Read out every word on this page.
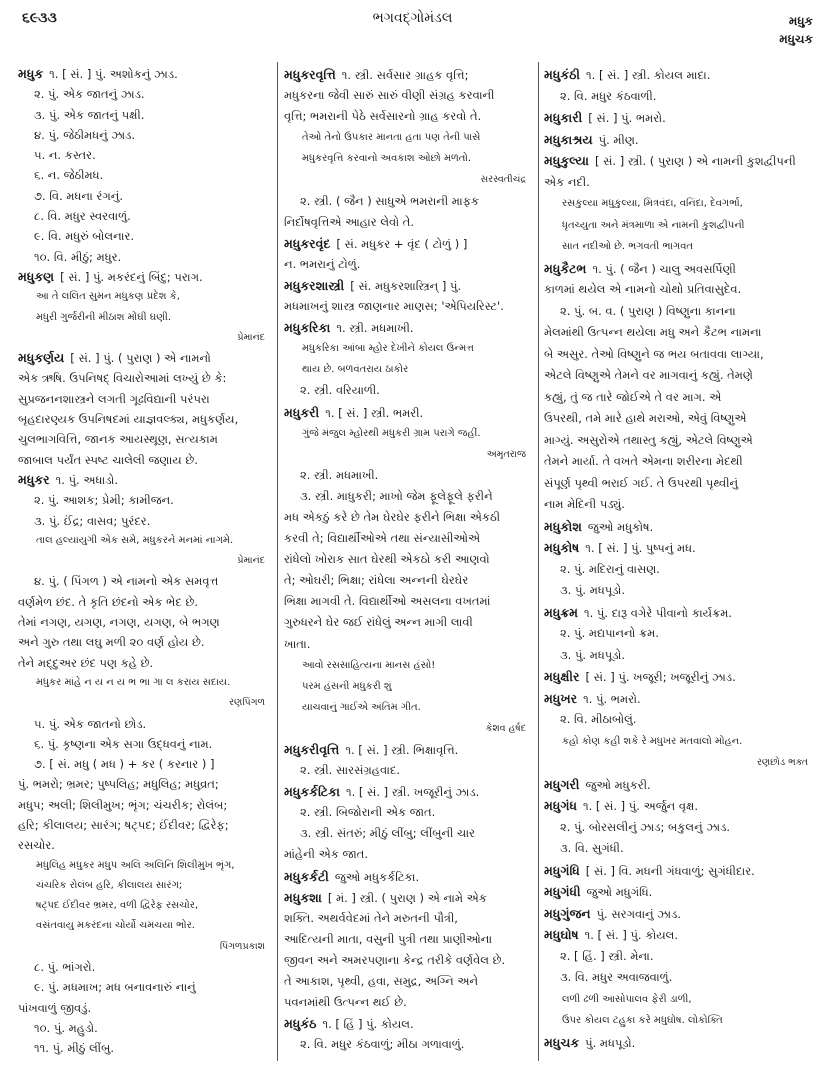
૬૯૩૩	ભગવદ્ગોમંડલ	મધુક
મધુચક
મધુક ૧. [ સં. ] પું. અશોકનું ઝાડ.
૨. પું. એક જાતનું ઝાડ.
૩. પું. એક જાતનું પક્ષી.
૪. પું. જેઠીમધનું ઝાડ.
૫. ન. કસ્તર.
૬. ન. જેઠીમધ.
૭. વિ. મધના રંગનું.
૮. વિ. મધુર સ્વરવાળું.
૯. વિ. મધુરું બોલનાર.
૧૦. વિ. મીઠું; મધુર.
મધુકણ [ સં. ] પું. મકરંદનું બિંદુ; પરાગ.
આ તે લલિત સુમન મધુકણ પ્રદેશ કે,
મધુરી ગુર્જરીની મીઠાશ મોંઘી ઘણી.
પ્રેમાનંદ
મધુકર્ણય [ સં. ] પું. ( પુરાણ ) એ નામનો
એક ઋષિ. ઉપનિષદ્ વિચારોઆમાં લખ્યું છે કે:
સુપ્રજનનશાસ્ત્રને લગતી ગૂઢવિદ્યાની પરંપરા
બૃહદારણ્યક ઉપનિષદમાં યાજ્ઞવલ્ક્ય, મધુકર્ણય,
ચુલભાગવિત્તિ, જાનક આયસ્થૂણ, સત્યકામ
જાબાલ પર્યંત સ્પષ્ટ ચાલેલી જણાય છે.
મધુકર ૧. પું. અધાડો.
૨. પું. આશક; પ્રેમી; કામીજન.
૩. પું. ઈંદ્ર; વાસવ; પુરંદર.
તાલ હલ્યાયુગી એક સમે, મધુકરને મનમાં નાગમે.
પ્રેમાનંદ
૪. પું. ( પિંગળ ) એ નામનો એક સમવૃત્ત
વર્ણમેળ છંદ. તે કૃતિ છંદનો એક ભેદ છે.
તેમાં નગણ, યગણ, નગણ, યગણ, બે ભગણ
અને ગુરુ તથા લઘુ મળી ૨૦ વર્ણ હોય છે.
તેને મદ્દુઅર છંદ પણ કહે છે.
મધુકર માંહે ન ય ન ય ભ ભા ગા લ કરાય સદાય.
રણપિંગળ
૫. પું. એક જાતનો છોડ.
૬. પું. કૃષ્ણના એક સગા ઉદ્ધવનું નામ.
૭. [ સં. મધુ ( મધ ) + કર ( કરનાર ) ]
પું. ભમરો; ભ્રમર; પુષ્પલિહ; મધુલિહ; મધુવ્રત;
મધુપ; અલી; શિલીમુખ; ભૃંગ; ચંચરીક; રોલંબ;
હરિ; કીલાલય; સારંગ; ષટ્પદ; ઈંદીવર; દ્વિરેફ;
રસચોર.
મધુલિહ મધુકર મધુપ અલિ અલિનિ શિલીમુખ ભૃંગ,
ચંચરિક રોલંબ હરિ, કીલાલય સારંગ;
ષટ્પદ ઈંદીવર ભ્રમર, વળી દ્વિરેફ રસચોર,
વસંતવાયુ મકરંદના ચોર્યો ચમચયા ભોર.
પિંગળપ્રકાશ
૮. પું. ભાંગરો.
૯. પું. મધમાખ; મધ બનાવનારું નાનું
પાંખવાળું જીવડું.
૧૦. પું. મહુડો.
૧૧. પું. મીઠું લીંબુ.
મધુકરવૃત્તિ ૧. સ્ત્રી. સર્વસાર ગ્રાહક વૃત્તિ;
મધુકરના જેવી સારું સારું વીણી સંગ્રહ કરવાની
વૃત્તિ; ભમરાની પેઠે સર્વસારનો ગ્રાહ કરવો તે.
તેઓ તેનો ઉપકાર માનતા હતા પણ તેની પાસે
મધુકરવૃત્તિ કરવાનો અવકાશ ઓછો મળતો.
સરસ્વતીચંદ્ર
૨. સ્ત્રી. ( જૈન ) સાધુએ ભમરાની માફક
નિર્દોષવૃત્તિએ આહાર લેવો તે.
મધુકરવૃંદ [ સં. મધુકર + વૃંદ ( ટોળું ) ]
ન. ભમરાનું ટોળું.
મધુકરશાસ્ત્રી [ સં. મધુકરશાસ્ત્રિન્ ] પું.
મધમાખનું શાસ્ત્ર જાણનાર માણસ; 'એપિયરિસ્ટ'.
મધુકરિકા ૧. સ્ત્રી. મધમાખી.
મધુકરિકા આંબા મ્હોર દેખીને કોયલ ઉન્મત્ત
થાય છે. બળવંતરાય ઠાકોર
૨. સ્ત્રી. વરિયાળી.
મધુકરી ૧. [ સં. ] સ્ત્રી. ભમરી.
ગુંજે મંજુલ મ્હોરથી મધુકરી ગ્રામ પરાગે જહીં.
અમૃતરાજ
૨. સ્ત્રી. મધમાખી.
૩. સ્ત્રી. માધુકરી; માખો જેમ ફૂલેફૂલે ફરીને
મધ એકઠું કરે છે તેમ ઘેરઘેર ફરીને ભિક્ષા એકઠી
કરવી તે; વિદ્યાર્થીઓએ તથા સંન્યાસીઓએ
રાંધેલો ખોરાક સાત ઘેરથી એકઠો કરી આણવો
તે; ઓઘરી; ભિક્ષા; રાંધેલા અન્નની ઘેરઘેર
ભિક્ષા માગવી તે. વિદ્યાર્થીઓ અસલના વખતમાં
ગુરુધરને ઘેર જઈ રાંધેલું અન્ન માગી લાવી
ખાતા.
આવો રસસાહિત્યના માનસ હંસો!
પરમ હંસની મધુકરી શું
યાચવાનું ગાઈએ અંતિમ ગીત.
કેશવ હર્ષદ
મધુકરીવૃત્તિ ૧. [ સં. ] સ્ત્રી. ભિક્ષાવૃત્તિ.
૨. સ્ત્રી. સારસંગ્રહવાદ.
મધુકર્કટિકા ૧. [ સં. ] સ્ત્રી. ખજૂરીનું ઝાડ.
૨. સ્ત્રી. બિજોરાની એક જાત.
૩. સ્ત્રી. સંતરું; મીઠું લીંબુ; લીંબુની ચાર
માંહેની એક જાત.
મધુકર્કટી જુઓ મધુકર્કટિકા.
મધુકશા [ મં. ] સ્ત્રી. ( પુરાણ ) એ નામે એક
શક્તિ. અથર્વવેદમાં તેને મરુતની પૌત્રી,
આદિત્યની માતા, વસુની પુત્રી તથા પ્રાણીઓના
જીવન અને અમરપણાના કેન્દ્ર તરીકે વર્ણવેલ છે.
તે આકાશ, પૃથ્વી, હવા, સમુદ્ર, અગ્નિ અને
પવનમાંથી ઉત્પન્ન થઈ છે.
મધુકંઠ ૧. [ હિં ] પું. કોયલ.
૨. વિ. મધુર કંઠવાળું; મીઠા ગળાવાળું.
મધુકંઠી ૧. [ સં. ] સ્ત્રી. કોયલ માદા.
૨. વિ. મધુર કંઠવાળી.
મધુકારી [ સં. ] પું. ભમરો.
મધુકાશ્રય પું. મીણ.
મધુકુલ્યા [ સં. ] સ્ત્રી. ( પુરાણ ) એ નામની કુશદ્વીપની
એક નદી.
રસકુલ્યા મધુકુલ્યા, મિત્રવંદા, વનિંદા, દેવગર્ભા,
ધૃતચ્યુતા અને મંત્રમાળા એ નામની કુશદ્વીપની
સાત નદીઓ છે. ભગવતી ભાગવત
મધુકૈટભ ૧. પું. ( જૈન ) ચાલુ અવસર્પિણી
કાળમાં થયેલ એ નામનો ચોથો પ્રતિવાસુદેવ.
૨. પું. બ. વ. ( પુરાણ ) વિષ્ણુના કાનના
મેલમાંથી ઉત્પન્ન થયેલા મધુ અને કૈટભ નામના
બે અસુર. તેઓ વિષ્ણુને જ ભય બતાવવા લાગ્યા,
એટલે વિષ્ણુએ તેમને વર માગવાનું કહ્યું. તેમણે
કહ્યું, તું જ તારે જોઈએ તે વર માગ. એ
ઉપરથી, તમે મારે હાથે મરાઓ, એવું વિષ્ણુએ
માગ્યું. અસુરોએ તથાસ્તુ કહ્યું, એટલે વિષ્ણુએ
તેમને માર્યા. તે વખતે એમના શરીરના મેદથી
સંપૂર્ણ પૃથ્વી ભરાઈ ગઈ. તે ઉપરથી પૃથ્વીનું
નામ મેદિની પડ્યું.
મધુકોશ જુઓ મધુકોષ.
મધુકોષ ૧. [ સં. ] પું. પુષ્પનું મધ.
૨. પું. મદિરાનું વાસણ.
૩. પું. મધપૂડો.
મધુક્રમ ૧. પું. દારૂ વગેરે પીવાનો કાર્યક્રમ.
૨. પું. મદ્યપાનનો ક્રમ.
૩. પું. મધપૂડો.
મધુક્ષીર [ સં. ] પું. ખજૂરી; ખજૂરીનું ઝાડ.
મધુખર ૧. પું. ભમરો.
૨. વિ. મીઠાબોલું.
કહો કોણ કહી શકે રે મધુખર મતવાલો મોહન.
રણછોડ ભક્ત
મધુગરી જુઓ મધુકરી.
મધુગંધ ૧. [ સં. ] પું. અર્જુન વૃક્ષ.
૨. પું. બોરસલીનું ઝાડ; બકુલનું ઝાડ.
૩. વિ. સુગંધી.
મધુગંધિ [ સં. ] વિ. મધની ગંધવાળું; સુગંધીદાર.
મધુગંધી જુઓ મધુગંધિ.
મધુગુંજન પું. સરગવાનું ઝાડ.
મધુઘોષ ૧. [ સં. ] પું. કોયલ.
૨. [ હિં. ] સ્ત્રી. મેના.
૩. વિ. મધુર અવાજવાળું.
લળી ઢળી આસોપાલવ ફેરી ડાળી,
ઉપર કોયલ ટહુકા કરે મધુઘોષ. લોકોક્તિ
મધુચક પું. મધપૂડો.
